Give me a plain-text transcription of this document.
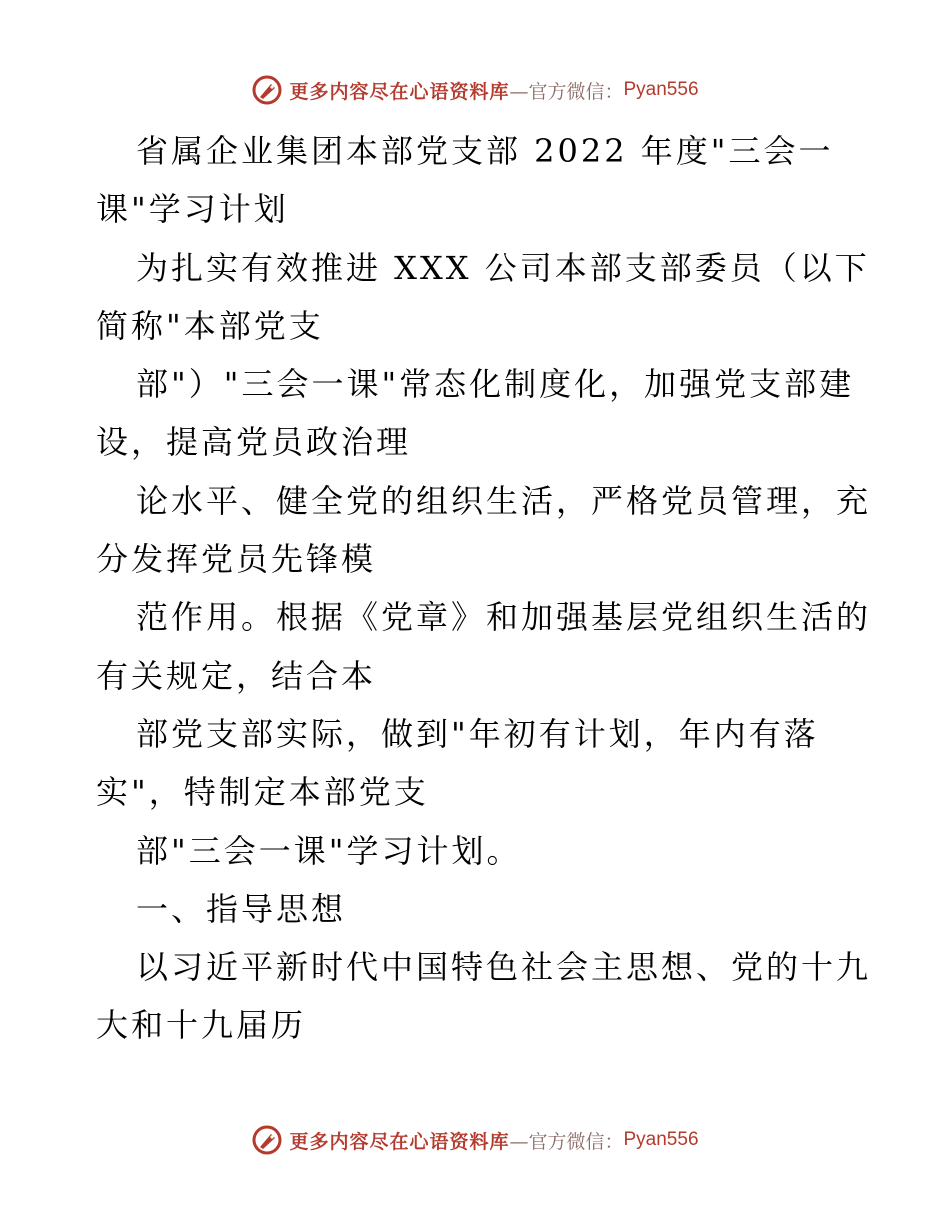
更多内容尽在心语资料库 —官方微信： Pyan556
省属企业集团本部党支部 2022 年度"三会一
课"学习计划
为扎实有效推进 XXX 公司本部支部委员（以下
简称"本部党支
部"）"三会一课"常态化制度化，加强党支部建
设，提高党员政治理
论水平、健全党的组织生活，严格党员管理，充
分发挥党员先锋模
范作用。根据《党章》和加强基层党组织生活的
有关规定，结合本
部党支部实际，做到"年初有计划，年内有落
实"，特制定本部党支
部"三会一课"学习计划。
一、指导思想
以习近平新时代中国特色社会主思想、党的十九
大和十九届历
更多内容尽在心语资料库 —官方微信： Pyan556
